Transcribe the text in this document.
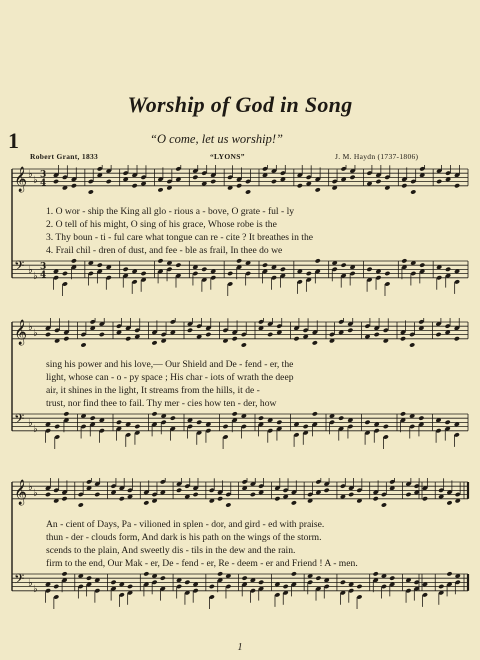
Worship of God in Song
1	“O come, let us worship!”
Robert Grant, 1833	“LYONS”	J. M. Haydn (1737-1806)
𝄞
𝄢
♭
♭
♭
♭
3
4
3
4
1. O wor - ship the King all glo - rious a - bove, O grate - ful - ly
2. O tell of his might, O sing of his grace, Whose robe is the
3. Thy boun - ti - ful care what tongue can re - cite ? It breathes in the
4. Frail chil - dren of dust, and fee - ble as frail, In thee do we
𝄞
𝄢
♭
♭
♭
♭
sing his power and his love,— Our Shield and De - fend - er, the
light, whose can - o - py space ; His char - iots of wrath the deep
air, it shines in the light, It streams from the hills, it de -
trust, nor find thee to fail. Thy mer - cies how ten - der, how
𝄞
𝄢
♭
♭
♭
♭
An - cient of Days, Pa - vilioned in splen - dor, and gird - ed with praise.
thun - der - clouds form, And dark is his path on the wings of the storm.
scends to the plain, And sweetly dis - tils in the dew and the rain.
firm to the end, Our Mak - er, De - fend - er, Re - deem - er and Friend ! A - men.
1
